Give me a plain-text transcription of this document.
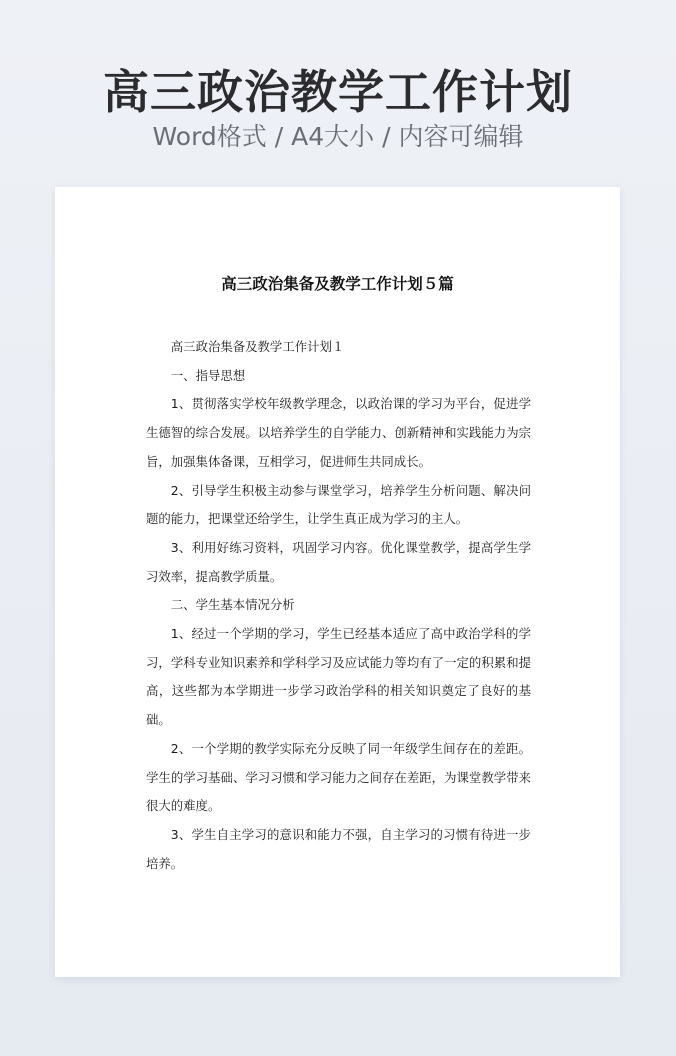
高三政治教学工作计划
Word格式 / A4大小 / 内容可编辑
高三政治集备及教学工作计划５篇

高三政治集备及教学工作计划１

一、指导思想

1、贯彻落实学校年级教学理念，以政治课的学习为平台，促进学生德智的综合发展。以培养学生的自学能力、创新精神和实践能力为宗旨，加强集体备课，互相学习，促进师生共同成长。

2、引导学生积极主动参与课堂学习，培养学生分析问题、解决问题的能力，把课堂还给学生，让学生真正成为学习的主人。

3、利用好练习资料，巩固学习内容。优化课堂教学，提高学生学习效率，提高教学质量。

二、学生基本情况分析

1、经过一个学期的学习，学生已经基本适应了高中政治学科的学习，学科专业知识素养和学科学习及应试能力等均有了一定的积累和提高，这些都为本学期进一步学习政治学科的相关知识奠定了良好的基础。

2、一个学期的教学实际充分反映了同一年级学生间存在的差距。学生的学习基础、学习习惯和学习能力之间存在差距，为课堂教学带来很大的难度。

3、学生自主学习的意识和能力不强，自主学习的习惯有待进一步培养。
